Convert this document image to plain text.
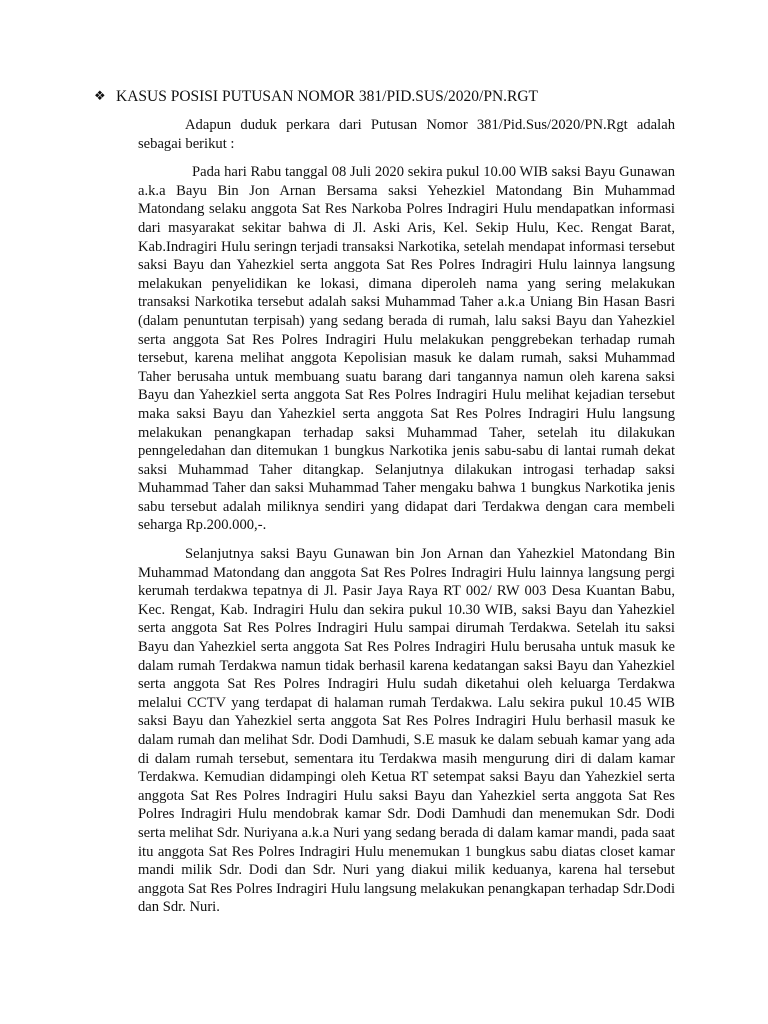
❖ KASUS POSISI PUTUSAN NOMOR 381/PID.SUS/2020/PN.RGT

Adapun duduk perkara dari Putusan Nomor 381/Pid.Sus/2020/PN.Rgt adalah sebagai berikut :

Pada hari Rabu tanggal 08 Juli 2020 sekira pukul 10.00 WIB saksi Bayu Gunawan a.k.a Bayu Bin Jon Arnan Bersama saksi Yehezkiel Matondang Bin Muhammad Matondang selaku anggota Sat Res Narkoba Polres Indragiri Hulu mendapatkan informasi dari masyarakat sekitar bahwa di Jl. Aski Aris, Kel. Sekip Hulu, Kec. Rengat Barat, Kab.Indragiri Hulu seringn terjadi transaksi Narkotika, setelah mendapat informasi tersebut saksi Bayu dan Yahezkiel serta anggota Sat Res Polres Indragiri Hulu lainnya langsung melakukan penyelidikan ke lokasi, dimana diperoleh nama yang sering melakukan transaksi Narkotika tersebut adalah saksi Muhammad Taher a.k.a Uniang Bin Hasan Basri (dalam penuntutan terpisah) yang sedang berada di rumah, lalu saksi Bayu dan Yahezkiel serta anggota Sat Res Polres Indragiri Hulu melakukan penggrebekan terhadap rumah tersebut, karena melihat anggota Kepolisian masuk ke dalam rumah, saksi Muhammad Taher berusaha untuk membuang suatu barang dari tangannya namun oleh karena saksi Bayu dan Yahezkiel serta anggota Sat Res Polres Indragiri Hulu melihat kejadian tersebut maka saksi Bayu dan Yahezkiel serta anggota Sat Res Polres Indragiri Hulu langsung melakukan penangkapan terhadap saksi Muhammad Taher, setelah itu dilakukan penngeledahan dan ditemukan 1 bungkus Narkotika jenis sabu-sabu di lantai rumah dekat saksi Muhammad Taher ditangkap. Selanjutnya dilakukan introgasi terhadap saksi Muhammad Taher dan saksi Muhammad Taher mengaku bahwa 1 bungkus Narkotika jenis sabu tersebut adalah miliknya sendiri yang didapat dari Terdakwa dengan cara membeli seharga Rp.200.000,-.

Selanjutnya saksi Bayu Gunawan bin Jon Arnan dan Yahezkiel Matondang Bin Muhammad Matondang dan anggota Sat Res Polres Indragiri Hulu lainnya langsung pergi kerumah terdakwa tepatnya di Jl. Pasir Jaya Raya RT 002/ RW 003 Desa Kuantan Babu, Kec. Rengat, Kab. Indragiri Hulu dan sekira pukul 10.30 WIB, saksi Bayu dan Yahezkiel serta anggota Sat Res Polres Indragiri Hulu sampai dirumah Terdakwa. Setelah itu saksi Bayu dan Yahezkiel serta anggota Sat Res Polres Indragiri Hulu berusaha untuk masuk ke dalam rumah Terdakwa namun tidak berhasil karena kedatangan saksi Bayu dan Yahezkiel serta anggota Sat Res Polres Indragiri Hulu sudah diketahui oleh keluarga Terdakwa melalui CCTV yang terdapat di halaman rumah Terdakwa. Lalu sekira pukul 10.45 WIB saksi Bayu dan Yahezkiel serta anggota Sat Res Polres Indragiri Hulu berhasil masuk ke dalam rumah dan melihat Sdr. Dodi Damhudi, S.E masuk ke dalam sebuah kamar yang ada di dalam rumah tersebut, sementara itu Terdakwa masih mengurung diri di dalam kamar Terdakwa. Kemudian didampingi oleh Ketua RT setempat saksi Bayu dan Yahezkiel serta anggota Sat Res Polres Indragiri Hulu saksi Bayu dan Yahezkiel serta anggota Sat Res Polres Indragiri Hulu mendobrak kamar Sdr. Dodi Damhudi dan menemukan Sdr. Dodi serta melihat Sdr. Nuriyana a.k.a Nuri yang sedang berada di dalam kamar mandi, pada saat itu anggota Sat Res Polres Indragiri Hulu menemukan 1 bungkus sabu diatas closet kamar mandi milik Sdr. Dodi dan Sdr. Nuri yang diakui milik keduanya, karena hal tersebut anggota Sat Res Polres Indragiri Hulu langsung melakukan penangkapan terhadap Sdr.Dodi dan Sdr. Nuri.
